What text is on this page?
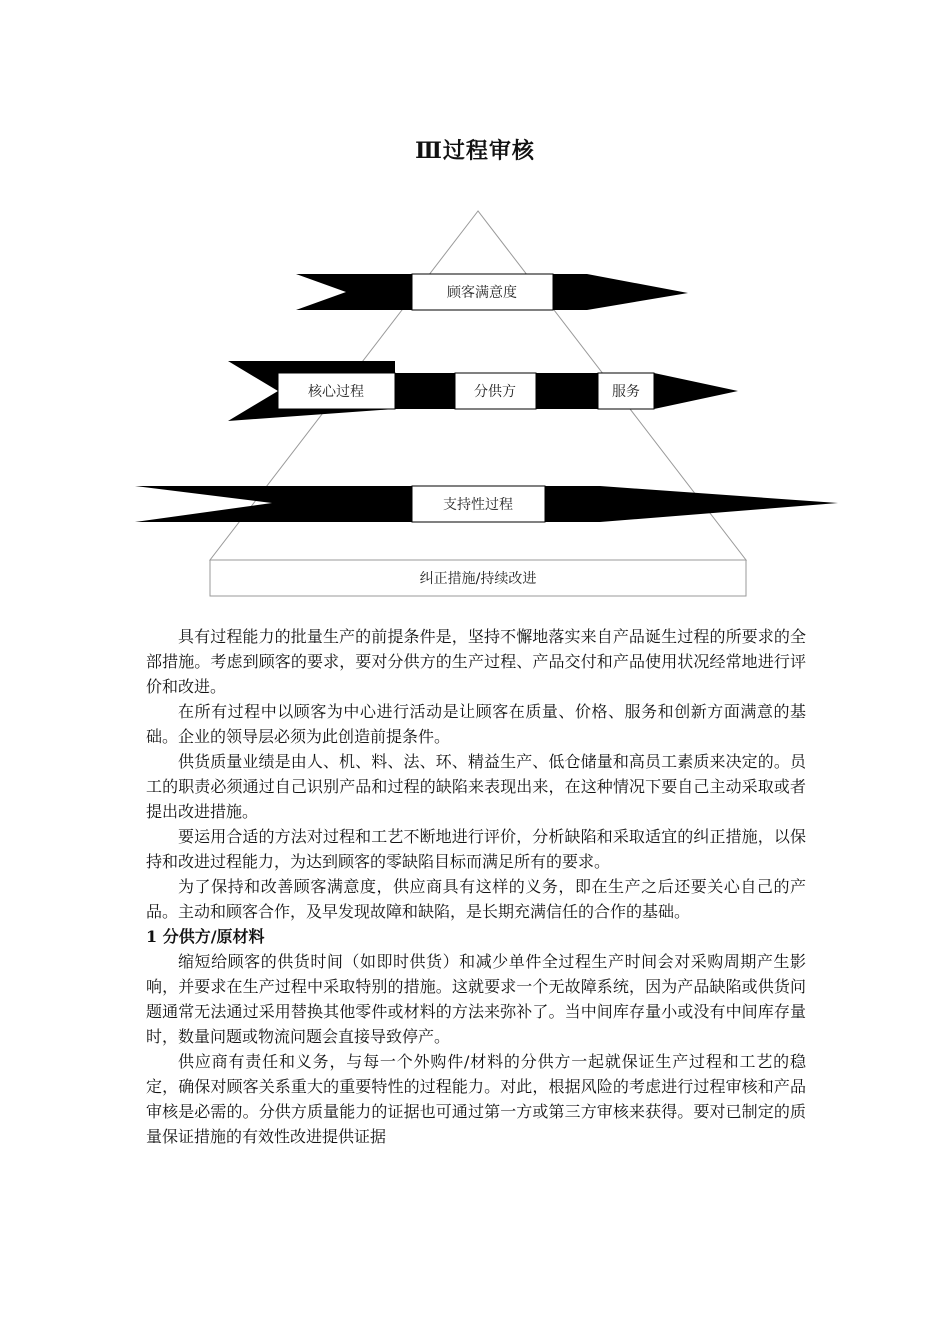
Ⅲ过程审核
顾客满意度
核心过程	分供方	服务
支持性过程
纠正措施/持续改进

具有过程能力的批量生产的前提条件是，坚持不懈地落实来自产品诞生过程的所要求的全部措施。考虑到顾客的要求，要对分供方的生产过程、产品交付和产品使用状况经常地进行评价和改进。

在所有过程中以顾客为中心进行活动是让顾客在质量、价格、服务和创新方面满意的基础。企业的领导层必须为此创造前提条件。

供货质量业绩是由人、机、料、法、环、精益生产、低仓储量和高员工素质来决定的。员工的职责必须通过自己识别产品和过程的缺陷来表现出来，在这种情况下要自己主动采取或者提出改进措施。

要运用合适的方法对过程和工艺不断地进行评价，分析缺陷和采取适宜的纠正措施，以保持和改进过程能力，为达到顾客的零缺陷目标而满足所有的要求。

为了保持和改善顾客满意度，供应商具有这样的义务，即在生产之后还要关心自己的产品。主动和顾客合作，及早发现故障和缺陷，是长期充满信任的合作的基础。

1 分供方/原材料

缩短给顾客的供货时间（如即时供货）和减少单件全过程生产时间会对采购周期产生影响，并要求在生产过程中采取特别的措施。这就要求一个无故障系统，因为产品缺陷或供货问题通常无法通过采用替换其他零件或材料的方法来弥补了。当中间库存量小或没有中间库存量时，数量问题或物流问题会直接导致停产。

供应商有责任和义务，与每一个外购件/材料的分供方一起就保证生产过程和工艺的稳定，确保对顾客关系重大的重要特性的过程能力。对此，根据风险的考虑进行过程审核和产品审核是必需的。分供方质量能力的证据也可通过第一方或第三方审核来获得。要对已制定的质量保证措施的有效性改进提供证据
